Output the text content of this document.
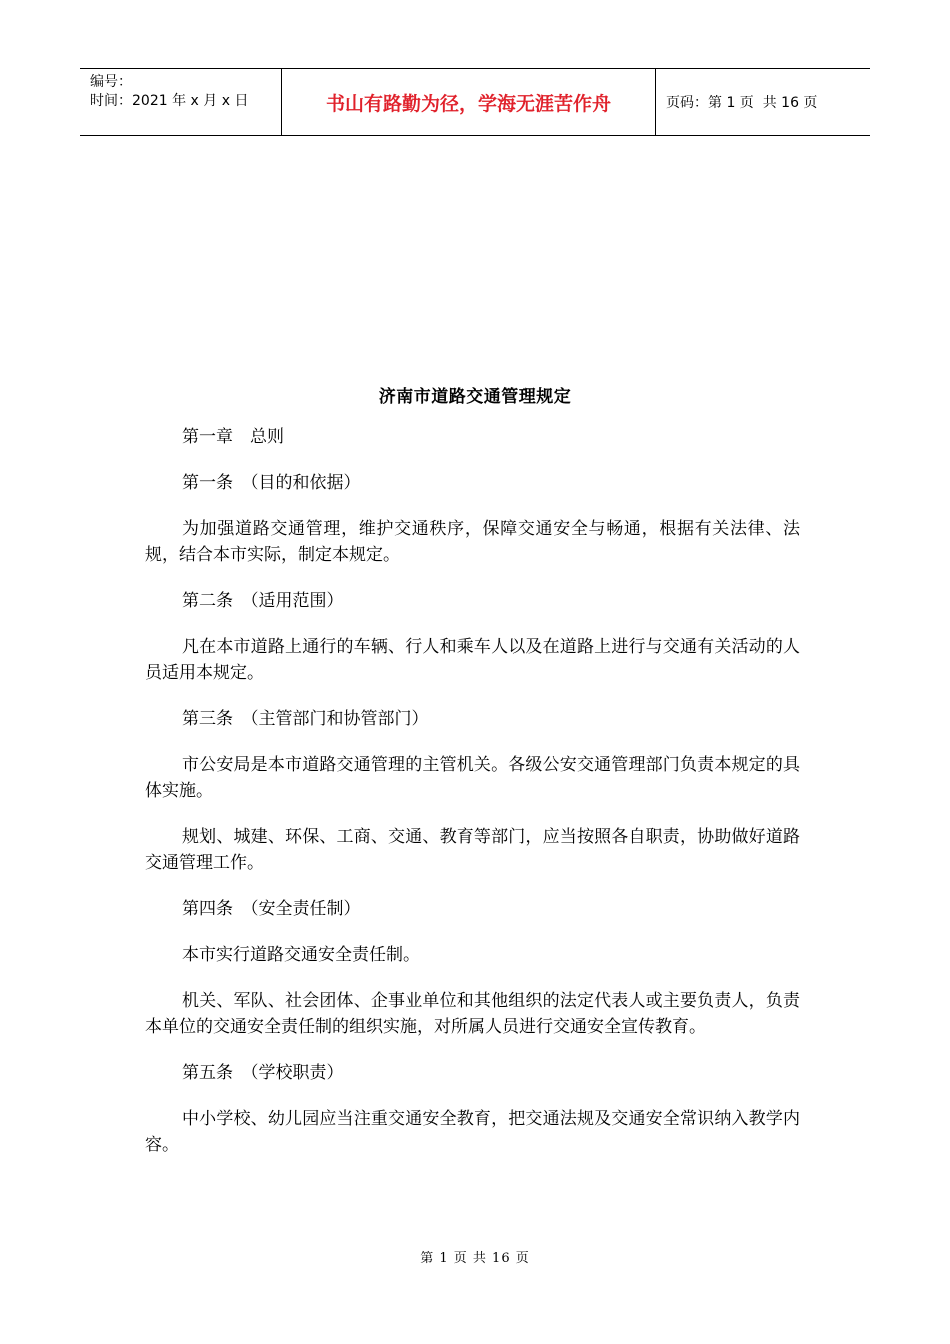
编号：
时间：2021 年 x 月 x 日	书山有路勤为径，学海无涯苦作舟	页码：第 1 页  共 16 页
济南市道路交通管理规定

第一章　总则

第一条　（目的和依据）

为加强道路交通管理，维护交通秩序，保障交通安全与畅通，根据有关法律、法规，结合本市实际，制定本规定。

第二条　（适用范围）

凡在本市道路上通行的车辆、行人和乘车人以及在道路上进行与交通有关活动的人员适用本规定。

第三条　（主管部门和协管部门）

市公安局是本市道路交通管理的主管机关。各级公安交通管理部门负责本规定的具体实施。

规划、城建、环保、工商、交通、教育等部门，应当按照各自职责，协助做好道路交通管理工作。

第四条　（安全责任制）

本市实行道路交通安全责任制。

机关、军队、社会团体、企事业单位和其他组织的法定代表人或主要负责人，负责本单位的交通安全责任制的组织实施，对所属人员进行交通安全宣传教育。

第五条　（学校职责）

中小学校、幼儿园应当注重交通安全教育，把交通法规及交通安全常识纳入教学内容。

第 1 页 共 16 页
